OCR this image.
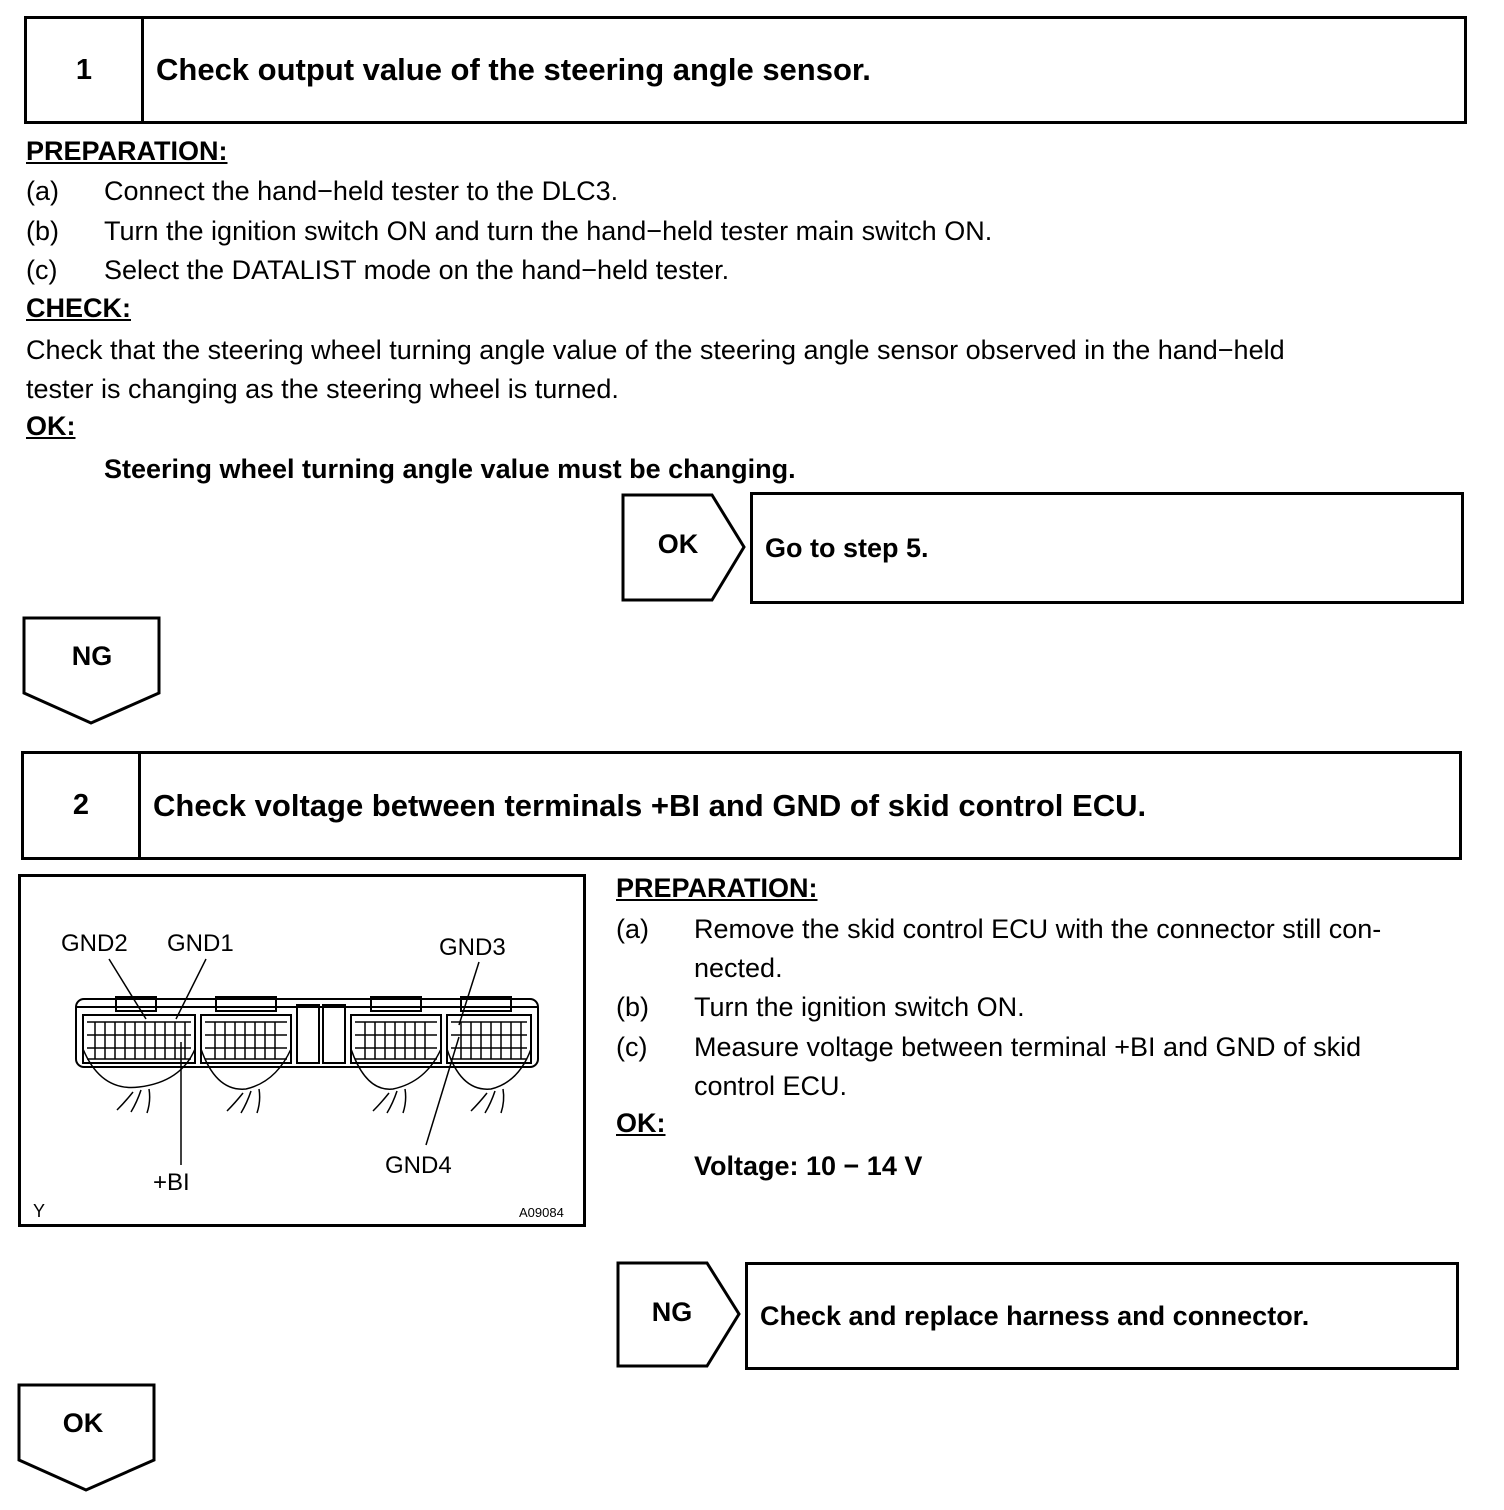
1	Check output value of the steering angle sensor.
PREPARATION:
(a) Connect the hand−held tester to the DLC3.
(b) Turn the ignition switch ON and turn the hand−held tester main switch ON.
(c) Select the DATALIST mode on the hand−held tester.
CHECK:
Check that the steering wheel turning angle value of the steering angle sensor observed in the hand−held
tester is changing as the steering wheel is turned.
OK:
Steering wheel turning angle value must be changing.
OK	Go to step 5.
NG
2	Check voltage between terminals +BI and GND of skid control ECU.
GND2 GND1	GND3
GND4
+BI
Y	A09084
PREPARATION:
(a) Remove the skid control ECU with the connector still con-
nected.
(b) Turn the ignition switch ON.
(c) Measure voltage between terminal +BI and GND of skid
control ECU.
OK:
Voltage: 10 − 14 V
NG	Check and replace harness and connector.
OK
